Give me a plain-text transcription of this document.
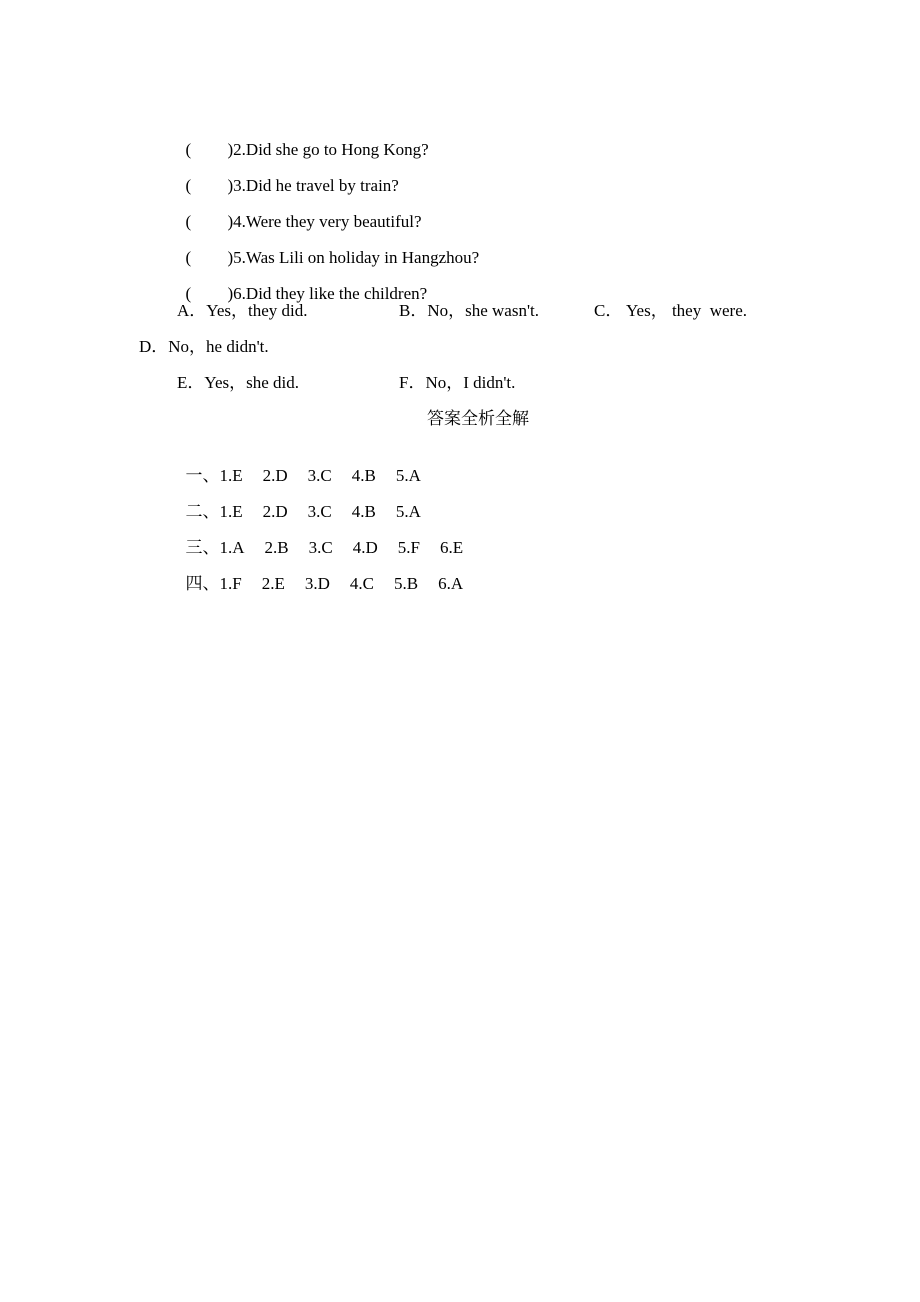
( )2.Did she go to Hong Kong?

( )3.Did he travel by train?

( )4.Were they very beautiful?

( )5.Was Lili on holiday in Hangzhou?

( )6.Did they like the children?

A．Yes，they did.	B．No，she wasn't.	C． Yes， they  were.
D．No，he didn't.
E．Yes，she did.	F．No，I didn't.
答案全析全解

一、1.E 2.D 3.C 4.B 5.A

二、1.E 2.D 3.C 4.B 5.A

三、1.A 2.B 3.C 4.D 5.F 6.E

四、1.F 2.E 3.D 4.C 5.B 6.A
